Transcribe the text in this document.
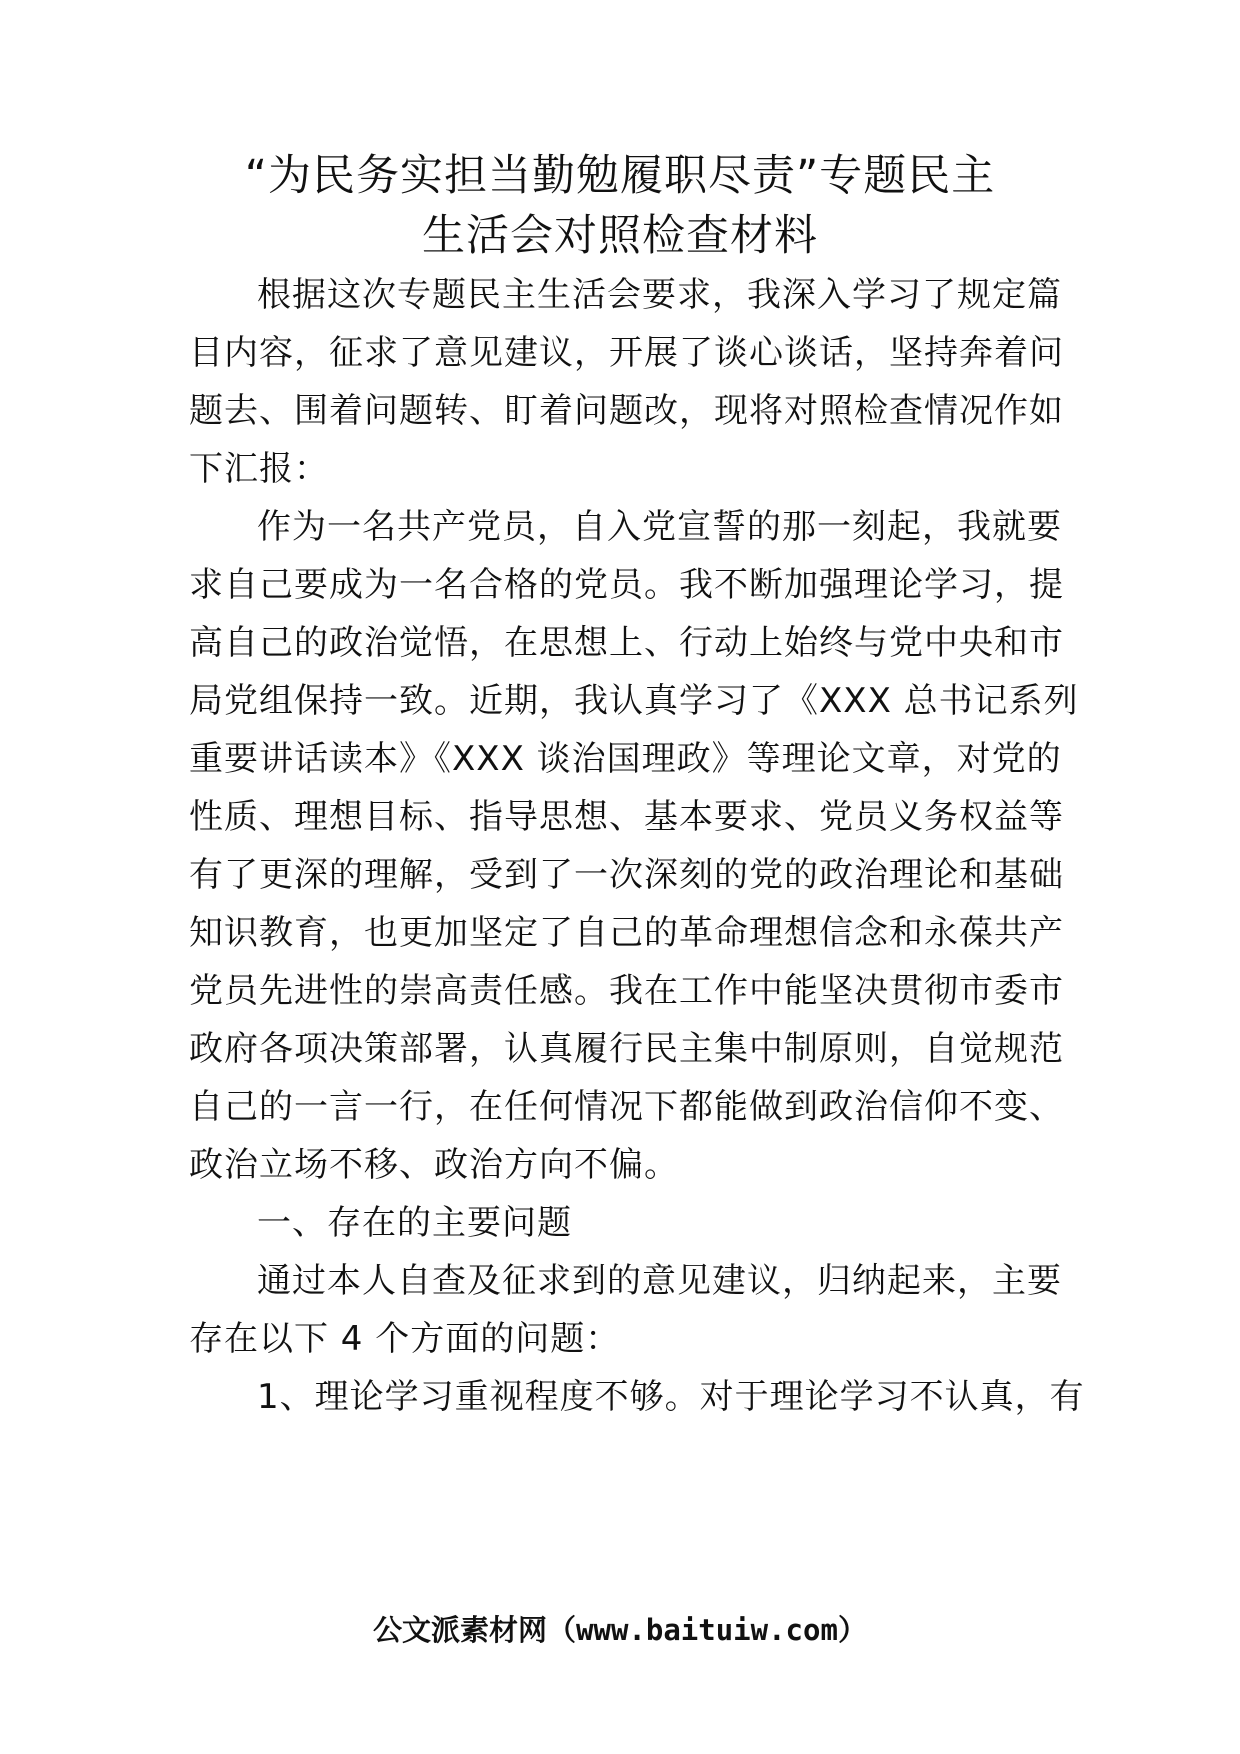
“为民务实担当勤勉履职尽责”专题民主
生活会对照检查材料
根据这次专题民主生活会要求，我深入学习了规定篇
目内容，征求了意见建议，开展了谈心谈话，坚持奔着问
题去、围着问题转、盯着问题改，现将对照检查情况作如
下汇报：
作为一名共产党员，自入党宣誓的那一刻起，我就要
求自己要成为一名合格的党员。我不断加强理论学习，提
高自己的政治觉悟，在思想上、行动上始终与党中央和市
局党组保持一致。近期，我认真学习了《XXX 总书记系列
重要讲话读本》《XXX 谈治国理政》等理论文章，对党的
性质、理想目标、指导思想、基本要求、党员义务权益等
有了更深的理解，受到了一次深刻的党的政治理论和基础
知识教育，也更加坚定了自己的革命理想信念和永葆共产
党员先进性的崇高责任感。我在工作中能坚决贯彻市委市
政府各项决策部署，认真履行民主集中制原则，自觉规范
自己的一言一行，在任何情况下都能做到政治信仰不变、
政治立场不移、政治方向不偏。
一、存在的主要问题
通过本人自查及征求到的意见建议，归纳起来，主要
存在以下 4 个方面的问题：
1、理论学习重视程度不够。对于理论学习不认真，有
公文派素材网（www.baituiw.com）
